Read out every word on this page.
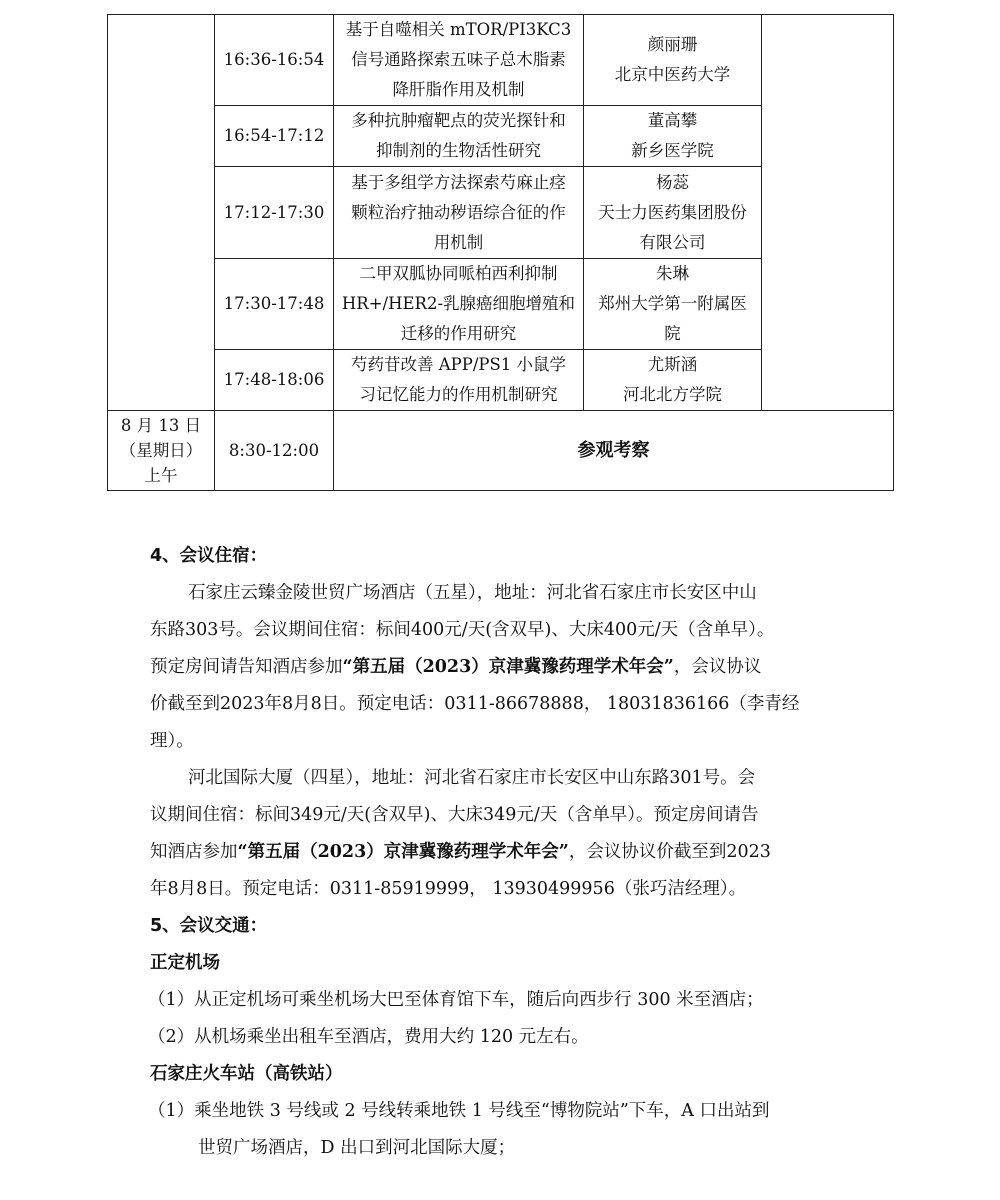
	16:36-16:54	基于自噬相关 mTOR/PI3KC3
信号通路探索五味子总木脂素
降肝脂作用及机制	颜丽珊
北京中医药大学	

	16:54-17:12	多种抗肿瘤靶点的荧光探针和
抑制剂的生物活性研究	董高攀
新乡医学院	

	17:12-17:30	基于多组学方法探索芍麻止痉
颗粒治疗抽动秽语综合征的作
用机制	杨蕊
天士力医药集团股份
有限公司	

	17:30-17:48	二甲双胍协同哌柏西利抑制
HR+/HER2-乳腺癌细胞增殖和
迁移的作用研究	朱琳
郑州大学第一附属医
院	

	17:48-18:06	芍药苷改善 APP/PS1 小鼠学
习记忆能力的作用机制研究	尤斯涵
河北北方学院	

8 月 13 日
（星期日）
上午	8:30-12:00	参观考察		
4、会议住宿：
石家庄云臻金陵世贸广场酒店（五星），地址：河北省石家庄市长安区中山
东路303号。会议期间住宿：标间400元/天(含双早)、大床400元/天（含单早）。
预定房间请告知酒店参加“第五届（2023）京津冀豫药理学术年会”，会议协议
价截至到2023年8月8日。预定电话：0311-86678888， 18031836166（李青经
理）。
河北国际大厦（四星），地址：河北省石家庄市长安区中山东路301号。会
议期间住宿：标间349元/天(含双早)、大床349元/天（含单早）。预定房间请告
知酒店参加“第五届（2023）京津冀豫药理学术年会”，会议协议价截至到2023
年8月8日。预定电话：0311-85919999， 13930499956（张巧洁经理）。
5、会议交通：
正定机场
（1）从正定机场可乘坐机场大巴至体育馆下车，随后向西步行 300 米至酒店；
（2）从机场乘坐出租车至酒店，费用大约 120 元左右。
石家庄火车站（高铁站）
（1）乘坐地铁 3 号线或 2 号线转乘地铁 1 号线至“博物院站”下车，A 口出站到
世贸广场酒店，D 出口到河北国际大厦；
